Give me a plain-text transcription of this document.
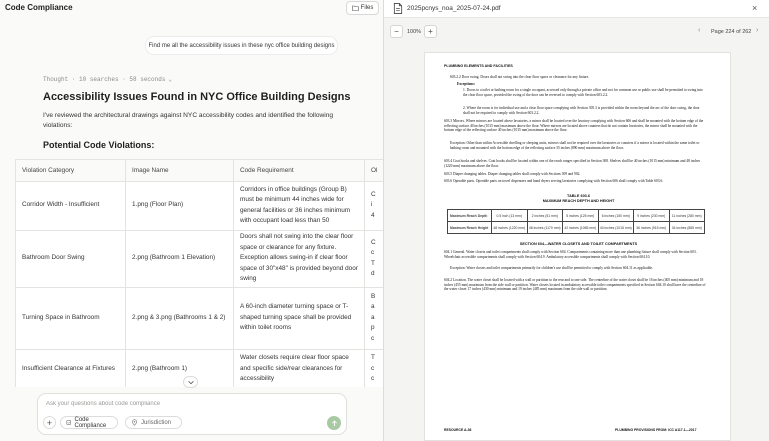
Code Compliance	Files
Find me all the accessibility issues in these nyc office building designs
Thought · 10 searches · 58 seconds ⌄
Accessibility Issues Found in NYC Office Building Designs
I've reviewed the architectural drawings against NYC accessibility codes and identified the following violations:
Potential Code Violations:
Violation Category	Image Name	Code Requirement	Ol
Corridor Width - Insufficient	1.png (Floor Plan)	Corridors in office buildings (Group B) must be minimum 44 inches wide for general facilities or 36 inches minimum with occupant load less than 50	C
i
4
Bathroom Door Swing	2.png (Bathroom 1 Elevation)	Doors shall not swing into the clear floor space or clearance for any fixture. Exception allows swing-in if clear floor space of 30"x48" is provided beyond door swing	C
c
T
d
Turning Space in Bathroom	2.png & 3.png (Bathrooms 1 & 2)	A 60-inch diameter turning space or T-shaped turning space shall be provided within toilet rooms	B
a
a
p
c
Insufficient Clearance at Fixtures	2.png (Bathroom 1)	Water closets require clear floor space and specific side/rear clearances for accessibility	T
c
c
Ask your questions about code compliance
+	Code Compliance	Jurisdiction
2025pcnys_noa_2025-07-24.pdf	×
− 100% +	‹ Page 224 of 262 ›
PLUMBING ELEMENTS AND FACILITIES
603.2.2 Door swing. Doors shall not swing into the clear floor space or clearance for any fixture.
Exceptions:
1. Doors to a toilet or bathing room for a single occupant, accessed only through a private office and not for common use or public use shall be permitted to swing into the clear floor space, provided the swing of the door can be reversed to comply with Section 603.2.2.
2. Where the room is for individual use and a clear floor space complying with Section 305.3 is provided within the room beyond the arc of the door swing, the door shall not be required to comply with Section 603.2.2.
603.3 Mirrors. Where mirrors are located above lavatories, a mirror shall be located over the lavatory complying with Section 606 and shall be mounted with the bottom edge of the reflecting surface 40 inches (1015 mm) maximum above the floor. Where mirrors are located above counters that do not contain lavatories, the mirror shall be mounted with the bottom edge of the reflecting surface 40 inches (1015 mm) maximum above the floor.
Exception: Other than within Accessible dwelling or sleeping units, mirrors shall not be required over the lavatories or counters if a mirror is located within the same toilet or bathing room and mounted with the bottom edge of the reflecting surface 35 inches (890 mm) maximum above the floor.
603.4 Coat hooks and shelves. Coat hooks shall be located within one of the reach ranges specified in Section 308. Shelves shall be 40 inches (1015 mm) minimum and 48 inches (1220 mm) maximum above the floor.
603.5 Diaper changing tables. Diaper changing tables shall comply with Sections 309 and 902.
603.6 Operable parts. Operable parts on towel dispensers and hand dryers serving lavatories complying with Section 606 shall comply with Table 603.6.
TABLE 603.6
MAXIMUM REACH DEPTH AND HEIGHT
Maximum Reach Depth	0.5 inch (13 mm)	2 inches (51 mm)	5 inches (125 mm)	6 inches (150 mm)	9 inches (230 mm)	11 inches (280 mm)
Maximum Reach Height	48 inches (1220 mm)	46 inches (1170 mm)	42 inches (1065 mm)	40 inches (1015 mm)	36 inches (915 mm)	34 inches (865 mm)
SECTION 604—WATER CLOSETS AND TOILET COMPARTMENTS
604.1 General. Water closets and toilet compartments shall comply with Section 604. Compartments containing more than one plumbing fixture shall comply with Section 603. Wheelchair accessible compartments shall comply with Section 604.9. Ambulatory accessible compartments shall comply with Section 604.10.
Exception: Water closets and toilet compartments primarily for children's use shall be permitted to comply with Section 604.11 as applicable.
604.2 Location. The water closet shall be located with a wall or partition to the rear and to one side. The centerline of the water closet shall be 16 inches (405 mm) minimum and 18 inches (455 mm) maximum from the side wall or partition. Water closets located in ambulatory accessible toilet compartments specified in Section 604.10 shall have the centerline of the water closet 17 inches (430 mm) minimum and 19 inches (485 mm) maximum from the side wall or partition.
RESOURCE A-36	PLUMBING PROVISIONS FROM: ICC A117.1—2017
